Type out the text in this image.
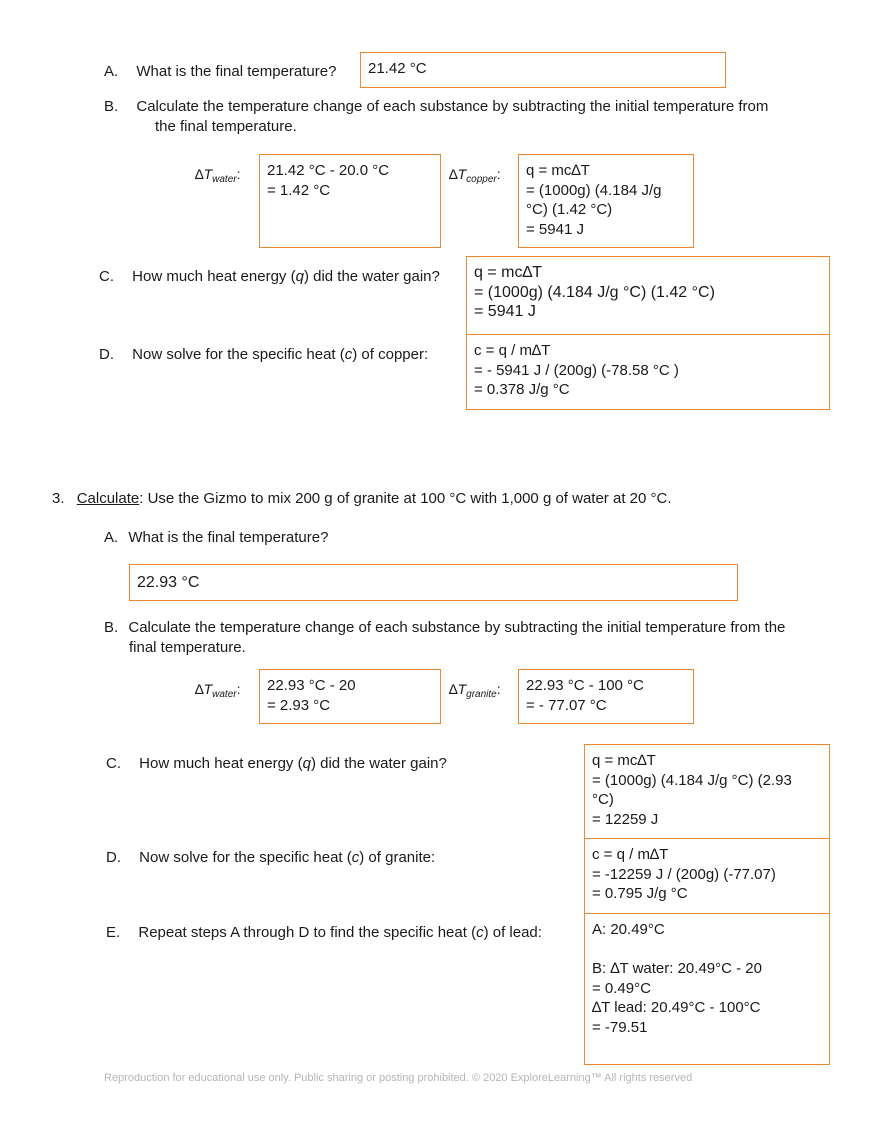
A. What is the final temperature? 21.42 °C
B. Calculate the temperature change of each substance by subtracting the initial temperature from
the final temperature.
$\Delta T_{water}$: 21.42 °C - 20.0 °C
= 1.42 °C
$\Delta T_{copper}$: q = mc∆T
= (1000g) (4.184 J/g
°C) (1.42 °C)
= 5941 J
C. How much heat energy (q) did the water gain? q = mc∆T
= (1000g) (4.184 J/g °C) (1.42 °C)
= 5941 J
D. Now solve for the specific heat (c) of copper:	c = q / m∆T
= - 5941 J / (200g) (-78.58 °C )
= 0.378 J/g °C
3. Calculate: Use the Gizmo to mix 200 g of granite at 100 °C with 1,000 g of water at 20 °C.
A. What is the final temperature?
22.93 °C
B. Calculate the temperature change of each substance by subtracting the initial temperature from the
final temperature.
$\Delta T_{water}$: 22.93 °C - 20
= 2.93 °C
$\Delta T_{granite}$: 22.93 °C - 100 °C
= - 77.07 °C
C. How much heat energy (q) did the water gain?	q = mc∆T
= (1000g) (4.184 J/g °C) (2.93
°C)
= 12259 J
D. Now solve for the specific heat (c) of granite:	c = q / m∆T
= -12259 J / (200g) (-77.07)
= 0.795 J/g °C
E. Repeat steps A through D to find the specific heat (c) of lead:	A: 20.49°C
B: ∆T water: 20.49°C - 20
= 0.49°C
∆T lead: 20.49°C - 100°C
= -79.51
Reproduction for educational use only. Public sharing or posting prohibited. © 2020 ExploreLearning™ All rights reserved
